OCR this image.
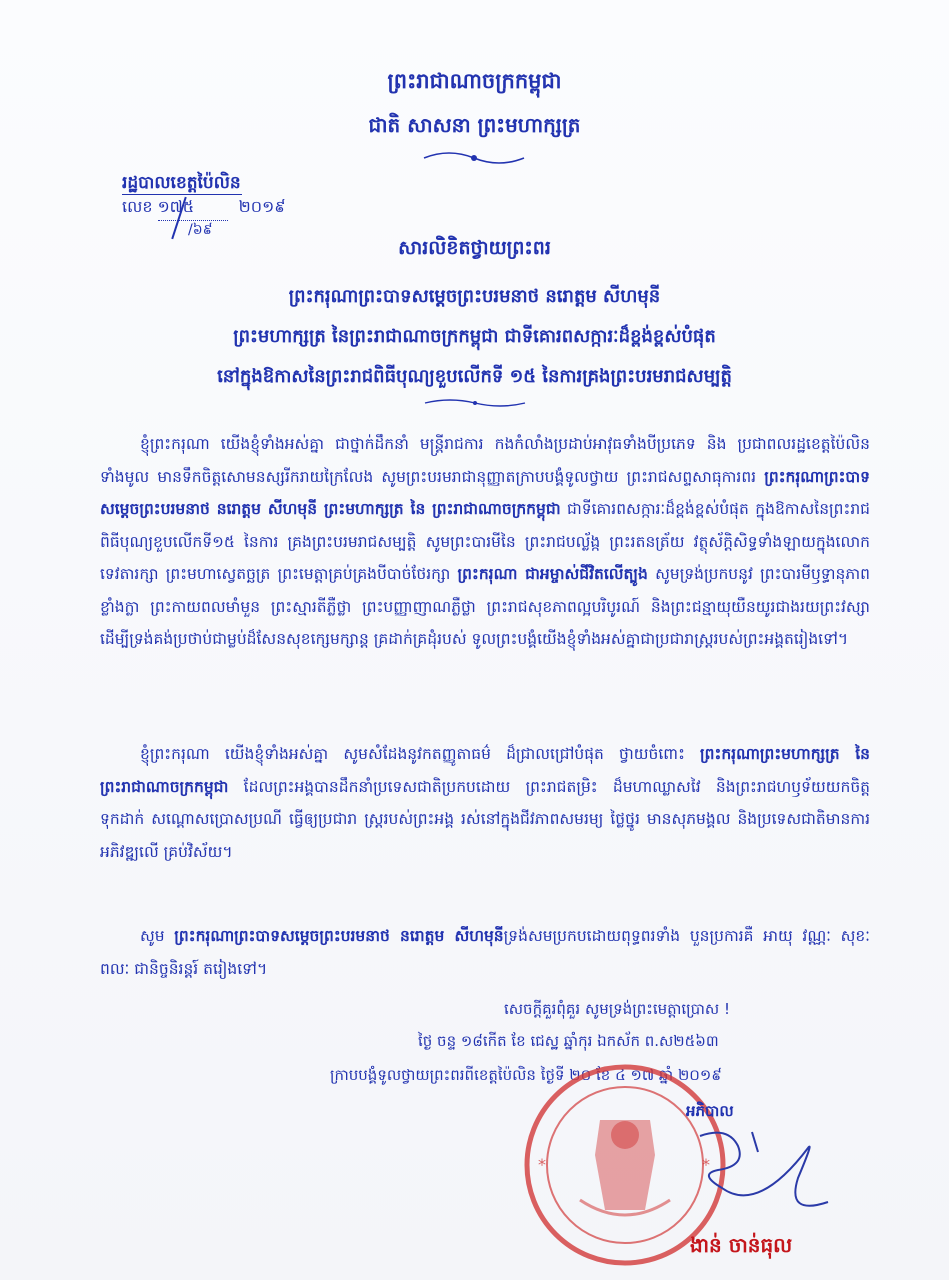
ព្រះរាជាណាចក្រកម្ពុជា
ជាតិ សាសនា ព្រះមហាក្សត្រ
រដ្ឋបាលខេត្តប៉ៃលិន
លេខ ១៧៥	២០១៩
/៦៩
សារលិខិតថ្វាយព្រះពរ
ព្រះករុណាព្រះបាទសម្តេចព្រះបរមនាថ នរោត្តម សីហមុនី
ព្រះមហាក្សត្រ នៃព្រះរាជាណាចក្រកម្ពុជា ជាទីគោរពសក្ការៈដ៏ខ្ពង់ខ្ពស់បំផុត
នៅក្នុងឱកាសនៃព្រះរាជពិធីបុណ្យខួបលើកទី ១៥ នៃការគ្រងព្រះបរមរាជសម្បត្តិ
ខ្ញុំព្រះករុណា យើងខ្ញុំទាំងអស់គ្នា ជាថ្នាក់ដឹកនាំ មន្ត្រីរាជការ កងកំលាំងប្រដាប់អាវុធទាំងបីប្រភេទ និង ប្រជាពលរដ្ឋខេត្តប៉ៃលិនទាំងមូល មានទឹកចិត្តសោមនស្សរីករាយក្រៃលែង សូមព្រះបរមរាជានុញ្ញាតក្រាបបង្គំទូលថ្វាយ ព្រះរាជសព្ទសាធុការពរ ព្រះករុណាព្រះបាទសម្តេចព្រះបរមនាថ នរោត្តម សីហមុនី ព្រះមហាក្សត្រ នៃ ព្រះរាជាណាចក្រកម្ពុជា ជាទីគោរពសក្ការៈដ៏ខ្ពង់ខ្ពស់បំផុត ក្នុងឱកាសនៃព្រះរាជពិធីបុណ្យខួបលើកទី១៥ នៃការ គ្រងព្រះបរមរាជសម្បត្តិ សូមព្រះបារមីនៃ ព្រះរាជបល្ល័ង្ក ព្រះរតនត្រ័យ វត្ថុស័ក្តិសិទ្ធទាំងឡាយក្នុងលោក ទេវតារក្សា ព្រះមហាស្វេតច្ឆត្រ ព្រះមេត្តាគ្រប់គ្រងបីបាច់ថែរក្សា ព្រះករុណា ជាអម្ចាស់ជីវិតលើត្បូង សូមទ្រង់ប្រកបនូវ ព្រះបារមីឫទ្ធានុភាពខ្លាំងក្លា ព្រះកាយពលមាំមួន ព្រះស្មារតីភ្លឺថ្លា ព្រះបញ្ញាញាណភ្លឺថ្លា ព្រះរាជសុខភាពល្អបរិបូរណ៍ និងព្រះជន្មាយុយឺនយូរជាងរយព្រះវស្សា ដើម្បីទ្រង់គង់ប្រថាប់ជាម្លប់ដ៏សែនសុខក្សេមក្សាន្ត គ្រដាក់គ្រដុំរបស់ ទូលព្រះបង្គំយើងខ្ញុំទាំងអស់គ្នាជាប្រជារាស្ត្ររបស់ព្រះអង្គតរៀងទៅ។
ខ្ញុំព្រះករុណា យើងខ្ញុំទាំងអស់គ្នា សូមសំដែងនូវកតញ្ញូតាធម៌ ដ៏ជ្រាលជ្រៅបំផុត ថ្វាយចំពោះ ព្រះករុណាព្រះមហាក្សត្រ នៃព្រះរាជាណាចក្រកម្ពុជា ដែលព្រះអង្គបានដឹកនាំប្រទេសជាតិប្រកបដោយ ព្រះរាជតម្រិះ ដ៏មហាឈ្លាសវៃ និងព្រះរាជហឫទ័យយកចិត្តទុកដាក់ សណ្តោសប្រោសប្រណី ធ្វើឲ្យប្រជារា ស្ត្ររបស់ព្រះអង្គ រស់នៅក្នុងជីវភាពសមរម្យ ថ្លៃថ្នូរ មានសុភមង្គល និងប្រទេសជាតិមានការអភិវឌ្ឍលើ គ្រប់វិស័យ។
សូម ព្រះករុណាព្រះបាទសម្តេចព្រះបរមនាថ នរោត្តម សីហមុនីទ្រង់សមប្រកបដោយពុទ្ធពរទាំង បួនប្រការគឺ អាយុ វណ្ណៈ សុខៈ ពលៈ ជានិច្ចនិរន្តរ៍ តរៀងទៅ។
សេចក្តីគួរពុំគួរ សូមទ្រង់ព្រះមេត្តាប្រោស !
ថ្ងៃ ចន្ទ ១៨កើត ខែ ជេស្ឋ ឆ្នាំកុរ ឯកស័ក ព.ស២៥៦៣
ក្រាបបង្គំទូលថ្វាយព្រះពរពីខេត្តប៉ៃលិន ថ្ងៃទី ២០ ខែ ៤ ១៧ ឆ្នាំ ២០១៩
*	*
អភិបាល
ងាន់ ចាន់ធុល
